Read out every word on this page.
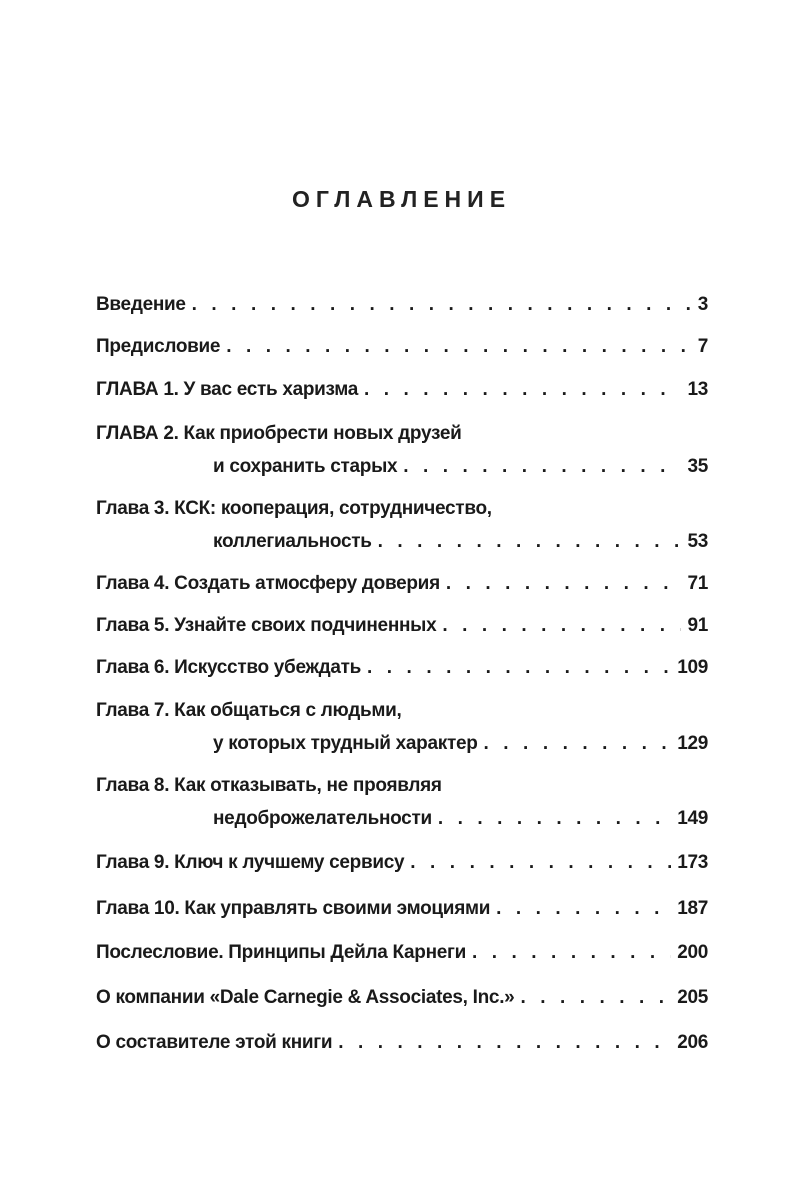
ОГЛАВЛЕНИЕ
Введение . . .	3
Предисловие . . .	7
ГЛАВА 1. У вас есть харизма . . .	13
ГЛАВА 2. Как приобрести новых друзей
и сохранить старых . . .	35
Глава 3. КСК: кооперация, сотрудничество,
коллегиальность . . .	53
Глава 4. Создать атмосферу доверия . . .	71
Глава 5. Узнайте своих подчиненных . . .	91
Глава 6. Искусство убеждать . . .	109
Глава 7. Как общаться с людьми,
у которых трудный характер . . .	129
Глава 8. Как отказывать, не проявляя
недоброжелательности . . .	149
Глава 9. Ключ к лучшему сервису . . .	173
Глава 10. Как управлять своими эмоциями . . .	187
Послесловие. Принципы Дейла Карнеги . . .	200
О компании «Dale Carnegie & Associates, Inc.» . . .	205
О составителе этой книги . . .	206
